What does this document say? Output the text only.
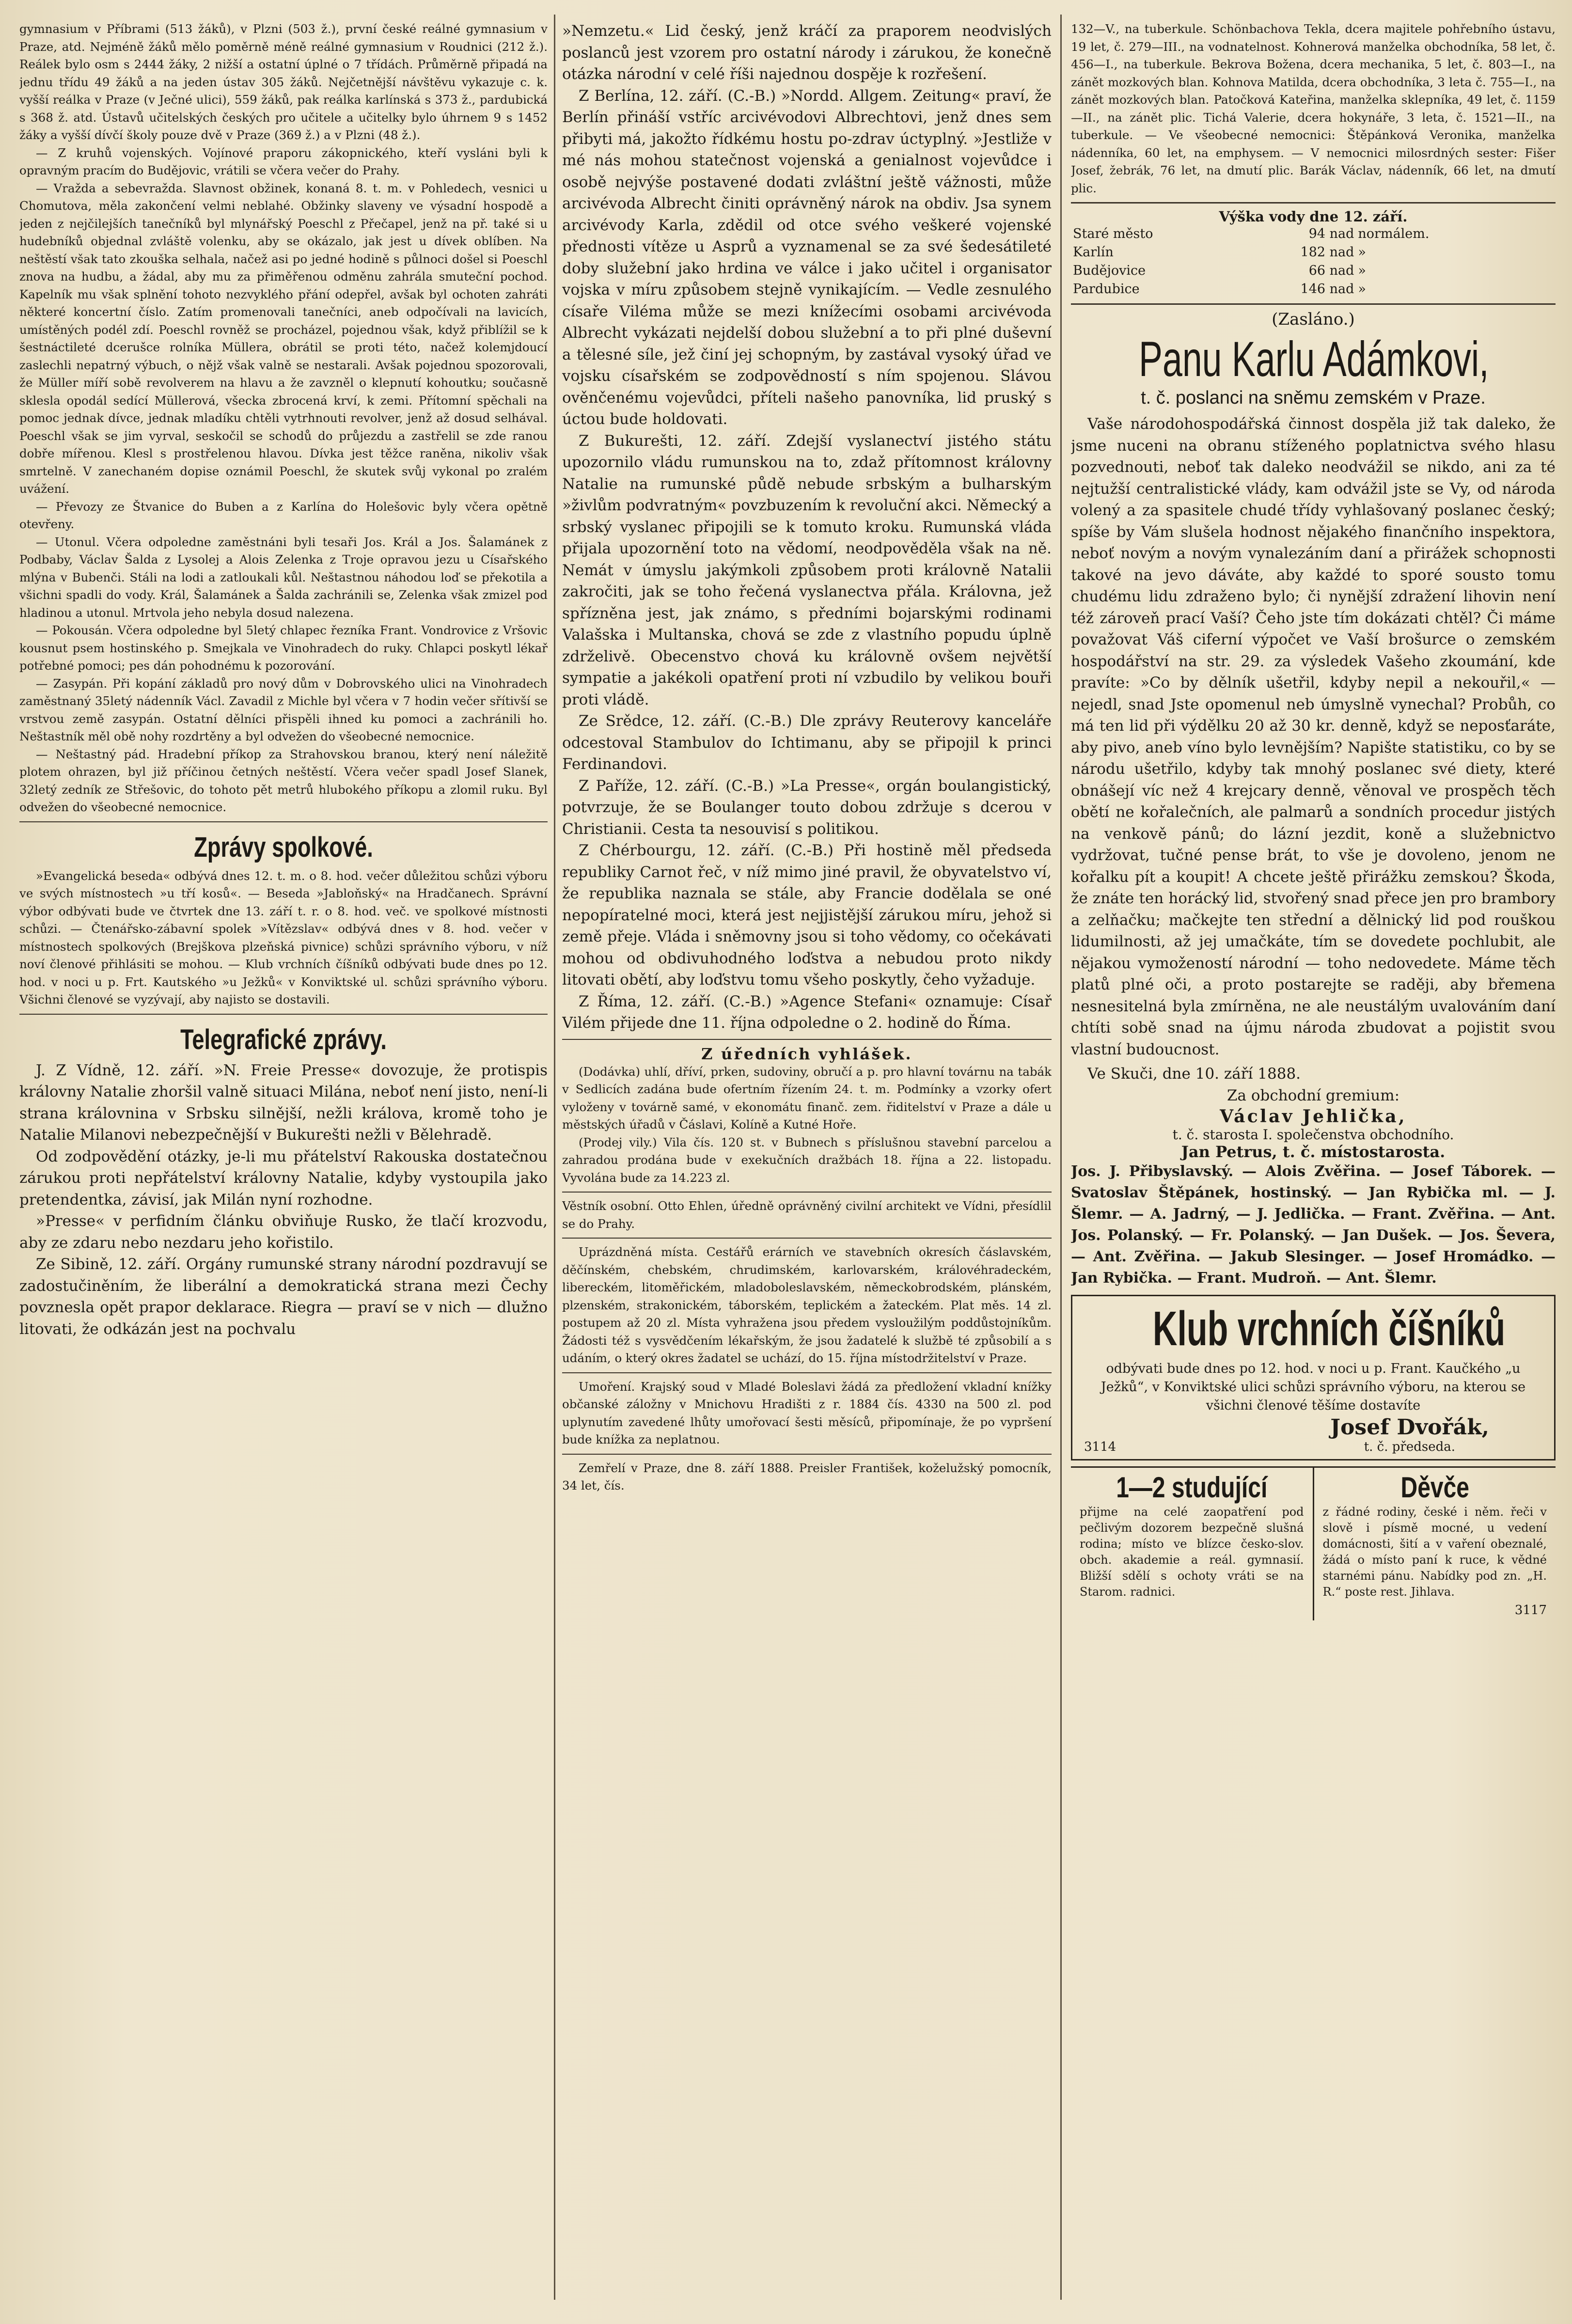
gymnasium v Příbrami (513 žáků), v Plzni (503 ž.), první české reálné gymnasium v Praze, atd. Nejméně žáků mělo poměrně méně reálné gymnasium v Roudnici (212 ž.). Reálek bylo osm s 2444 žáky, 2 nižší a ostatní úplné o 7 třídách. Průměrně připadá na jednu třídu 49 žáků a na jeden ústav 305 žáků. Nejčetnější návštěvu vykazuje c. k. vyšší reálka v Praze (v Ječné ulici), 559 žáků, pak reálka karlínská s 373 ž., pardubická s 368 ž. atd. Ústavů učitelských českých pro učitele a učitelky bylo úhrnem 9 s 1452 žáky a vyšší dívčí školy pouze dvě v Praze (369 ž.) a v Plzni (48 ž.).

— Z kruhů vojenských. Vojínové praporu zákopnického, kteří vysláni byli k opravným pracím do Budějovic, vrátili se včera večer do Prahy.

— Vražda a sebevražda. Slavnost obžinek, konaná 8. t. m. v Pohledech, vesnici u Chomutova, měla zakončení velmi neblahé. Obžinky slaveny ve výsadní hospodě a jeden z nejčilejších tanečníků byl mlynářský Poeschl z Přečapel, jenž na př. také si u hudebníků objednal zvláště volenku, aby se okázalo, jak jest u dívek oblíben. Na neštěstí však tato zkouška selhala, načež asi po jedné hodině s půlnoci došel si Poeschl znova na hudbu, a žádal, aby mu za přiměřenou odměnu zahrála smuteční pochod. Kapelník mu však splnění tohoto nezvyklého přání odepřel, avšak byl ochoten zahráti některé koncertní číslo. Zatím promenovali tanečníci, aneb odpočívali na lavicích, umístěných podél zdí. Poeschl rovněž se procházel, pojednou však, když přiblížil se k šestnáctileté dcerušce rolníka Müllera, obrátil se proti této, načež kolemjdoucí zaslechli nepatrný výbuch, o nějž však valně se nestarali. Avšak pojednou spozorovali, že Müller míří sobě revolverem na hlavu a že zavzněl o klepnutí kohoutku; současně sklesla opodál sedící Müllerová, všecka zbrocená krví, k zemi. Přítomní spěchali na pomoc jednak dívce, jednak mladíku chtěli vytrhnouti revolver, jenž až dosud selhával. Poeschl však se jim vyrval, seskočil se schodů do průjezdu a zastřelil se zde ranou dobře mířenou. Klesl s prostřelenou hlavou. Dívka jest těžce raněna, nikoliv však smrtelně. V zanechaném dopise oznámil Poeschl, že skutek svůj vykonal po zralém uvážení.

— Převozy ze Štvanice do Buben a z Karlína do Holešovic byly včera opětně otevřeny.

— Utonul. Včera odpoledne zaměstnáni byli tesaři Jos. Král a Jos. Šalamánek z Podbaby, Václav Šalda z Lysolej a Alois Zelenka z Troje opravou jezu u Císařského mlýna v Bubenči. Stáli na lodi a zatloukali kůl. Neštastnou náhodou loď se překotila a všichni spadli do vody. Král, Šalamánek a Šalda zachránili se, Zelenka však zmizel pod hladinou a utonul. Mrtvola jeho nebyla dosud nalezena.

— Pokousán. Včera odpoledne byl 5letý chlapec řezníka Frant. Vondrovice z Vršovic kousnut psem hostinského p. Smejkala ve Vinohradech do ruky. Chlapci poskytl lékař potřebné pomoci; pes dán pohodnému k pozorování.

— Zasypán. Při kopání základů pro nový dům v Dobrovského ulici na Vinohradech zaměstnaný 35letý nádenník Václ. Zavadil z Michle byl včera v 7 hodin večer sřítivší se vrstvou země zasypán. Ostatní dělníci přispěli ihned ku pomoci a zachránili ho. Neštastník měl obě nohy rozdrtěny a byl odvežen do všeobecné nemocnice.

— Neštastný pád. Hradební příkop za Strahovskou branou, který není náležitě plotem ohrazen, byl již příčinou četných neštěstí. Včera večer spadl Josef Slanek, 32letý zedník ze Střešovic, do tohoto pět metrů hlubokého příkopu a zlomil ruku. Byl odvežen do všeobecné nemocnice.

Zprávy spolkové.

»Evangelická beseda« odbývá dnes 12. t. m. o 8. hod. večer důležitou schůzi výboru ve svých místnostech »u tří kosů«. — Beseda »Jabloňský« na Hradčanech. Správní výbor odbývati bude ve čtvrtek dne 13. září t. r. o 8. hod. več. ve spolkové místnosti schůzi. — Čtenářsko-zábavní spolek »Vítězslav« odbývá dnes v 8. hod. večer v místnostech spolkových (Brejškova plzeňská pivnice) schůzi správního výboru, v níž noví členové přihlásiti se mohou. — Klub vrchních číšníků odbývati bude dnes po 12. hod. v noci u p. Frt. Kautského »u Ježků« v Konviktské ul. schůzi správního výboru. Všichni členové se vyzývají, aby najisto se dostavili.

Telegrafické zprávy.

J. Z Vídně, 12. září. »N. Freie Presse« dovozuje, že protispis královny Natalie zhoršil valně situaci Milána, neboť není jisto, není-li strana královnina v Srbsku silnější, nežli králova, kromě toho je Natalie Milanovi nebezpečnější v Bukurešti nežli v Bělehradě.

Od zodpovědění otázky, je-li mu přátelství Rakouska dostatečnou zárukou proti nepřátelství královny Natalie, kdyby vystoupila jako pretendentka, závisí, jak Milán nyní rozhodne.

»Presse« v perfidním článku obviňuje Rusko, že tlačí krozvodu, aby ze zdaru nebo nezdaru jeho kořistilo.

Ze Sibině, 12. září. Orgány rumunské strany národní pozdravují se zadostučiněním, že liberální a demokratická strana mezi Čechy povznesla opět prapor deklarace. Riegra — praví se v nich — dlužno litovati, že odkázán jest na pochvalu

»Nemzetu.« Lid český, jenž kráčí za praporem neodvislých poslanců jest vzorem pro ostatní národy i zárukou, že konečně otázka národní v celé říši najednou dospěje k rozřešení.

Z Berlína, 12. září. (C.-B.) »Nordd. Allgem. Zeitung« praví, že Berlín přináší vstříc arcivévodovi Albrechtovi, jenž dnes sem přibyti má, jakožto řídkému hostu po-zdrav úctyplný. »Jestliže v mé nás mohou statečnost vojenská a genialnost vojevůdce i osobě nejvýše postavené dodati zvláštní ještě vážnosti, může arcivévoda Albrecht činiti oprávněný nárok na obdiv. Jsa synem arcivévody Karla, zdědil od otce svého veškeré vojenské přednosti vítěze u Asprů a vyznamenal se za své šedesátileté doby služební jako hrdina ve válce i jako učitel i organisator vojska v míru způsobem stejně vynikajícím. — Vedle zesnulého císaře Viléma může se mezi knížecími osobami arcivévoda Albrecht vykázati nejdelší dobou služební a to při plné duševní a tělesné síle, jež činí jej schopným, by zastával vysoký úřad ve vojsku císařském se zodpovědností s ním spojenou. Slávou ověnčenému vojevůdci, příteli našeho panovníka, lid pruský s úctou bude holdovati.

Z Bukurešti, 12. září. Zdejší vyslanectví jistého státu upozornilo vládu rumunskou na to, zdaž přítomnost královny Natalie na rumunské půdě nebude srbským a bulharským »živlům podvratným« povzbuzením k revoluční akci. Německý a srbský vyslanec připojili se k tomuto kroku. Rumunská vláda přijala upozornění toto na vědomí, neodpověděla však na ně. Nemát v úmyslu jakýmkoli způsobem proti královně Natalii zakročiti, jak se toho řečená vyslanectva přála. Královna, jež spřízněna jest, jak známo, s předními bojarskými rodinami Valašska i Multanska, chová se zde z vlastního popudu úplně zdrželivě. Obecenstvo chová ku královně ovšem největší sympatie a jakékoli opatření proti ní vzbudilo by velikou bouři proti vládě.

Ze Srědce, 12. září. (C.-B.) Dle zprávy Reuterovy kanceláře odcestoval Stambulov do Ichtimanu, aby se připojil k princi Ferdinandovi.

Z Paříže, 12. září. (C.-B.) »La Presse«, orgán boulangistický, potvrzuje, že se Boulanger touto dobou zdržuje s dcerou v Christianii. Cesta ta nesouvisí s politikou.

Z Chérbourgu, 12. září. (C.-B.) Při hostině měl předseda republiky Carnot řeč, v níž mimo jiné pravil, že obyvatelstvo ví, že republika naznala se stále, aby Francie dodělala se oné nepopíratelné moci, která jest nejjistější zárukou míru, jehož si země přeje. Vláda i sněmovny jsou si toho vědomy, co očekávati mohou od obdivuhodného loďstva a nebudou proto nikdy litovati obětí, aby loďstvu tomu všeho poskytly, čeho vyžaduje.

Z Říma, 12. září. (C.-B.) »Agence Stefani« oznamuje: Císař Vilém přijede dne 11. října odpoledne o 2. hodině do Říma.

Z úředních vyhlášek.

(Dodávka) uhlí, dříví, prken, sudoviny, obručí a p. pro hlavní továrnu na tabák v Sedlicích zadána bude ofertním řízením 24. t. m. Podmínky a vzorky ofert vyloženy v továrně samé, v ekonomátu finanč. zem. řiditelství v Praze a dále u městských úřadů v Čáslavi, Kolíně a Kutné Hoře.

(Prodej vily.) Vila čís. 120 st. v Bubnech s příslušnou stavební parcelou a zahradou prodána bude v exekučních dražbách 18. října a 22. listopadu. Vyvolána bude za 14.223 zl.

Věstník osobní. Otto Ehlen, úředně oprávněný civilní architekt ve Vídni, přesídlil se do Prahy.

Uprázdněná místa. Cestářů erárních ve stavebních okresích čáslavském, děčínském, chebském, chrudimském, karlovarském, královéhradeckém, libereckém, litoměřickém, mladoboleslavském, německobrodském, plánském, plzenském, strakonickém, táborském, teplickém a žateckém. Plat měs. 14 zl. postupem až 20 zl. Místa vyhražena jsou předem vysloužilým poddůstojníkům. Žádosti též s vysvědčením lékařským, že jsou žadatelé k službě té způsobilí a s udáním, o který okres žadatel se uchází, do 15. října místodržitelství v Praze.

Umoření. Krajský soud v Mladé Boleslavi žádá za předložení vkladní knížky občanské záložny v Mnichovu Hradišti z r. 1884 čís. 4330 na 500 zl. pod uplynutím zavedené lhůty umořovací šesti měsíců, připomínaje, že po vypršení bude knížka za neplatnou.

Zemřelí v Praze, dne 8. září 1888. Preisler František, koželužský pomocník, 34 let, čís.

132—V., na tuberkule. Schönbachova Tekla, dcera majitele pohřebního ústavu, 19 let, č. 279—III., na vodnatelnost. Kohnerová manželka obchodníka, 58 let, č. 456—I., na tuberkule. Bekrova Božena, dcera mechanika, 5 let, č. 803—I., na zánět mozkových blan. Kohnova Matilda, dcera obchodníka, 3 leta č. 755—I., na zánět mozkových blan. Patočková Kateřina, manželka sklepníka, 49 let, č. 1159—II., na zánět plic. Tichá Valerie, dcera hokynáře, 3 leta, č. 1521—II., na tuberkule. — Ve všeobecné nemocnici: Štěpánková Veronika, manželka nádenníka, 60 let, na emphysem. — V nemocnici milosrdných sester: Fišer Josef, žebrák, 76 let, na dmutí plic. Barák Václav, nádenník, 66 let, na dmutí plic.

Výška vody dne 12. září.
Staré město	94 nad	normálem.
Karlín	182 nad	»
Budějovice	66 nad	»
Pardubice	146 nad	»
(Zasláno.)
Panu Karlu Adámkovi,
t. č. poslanci na sněmu zemském v Praze.

Vaše národohospodářská činnost dospěla již tak daleko, že jsme nuceni na obranu stíženého poplatnictva svého hlasu pozvednouti, neboť tak daleko neodvážil se nikdo, ani za té nejtužší centralistické vlády, kam odvážil jste se Vy, od národa volený a za spasitele chudé třídy vyhlašovaný poslanec český; spíše by Vám slušela hodnost nějakého finančního inspektora, neboť novým a novým vynalezáním daní a přirážek schopnosti takové na jevo dáváte, aby každé to sporé sousto tomu chudému lidu zdraženo bylo; či nynější zdražení lihovin není též zároveň prací Vaší? Čeho jste tím dokázati chtěl? Či máme považovat Váš ciferní výpočet ve Vaší brošurce o zemském hospodářství na str. 29. za výsledek Vašeho zkoumání, kde pravíte: »Co by dělník ušetřil, kdyby nepil a nekouřil,« — nejedl, snad Jste opomenul neb úmyslně vynechal? Probůh, co má ten lid při výdělku 20 až 30 kr. denně, když se neposťaráte, aby pivo, aneb víno bylo levnějším? Napište statistiku, co by se národu ušetřilo, kdyby tak mnohý poslanec své diety, které obnášejí víc než 4 krejcary denně, věnoval ve prospěch těch obětí ne kořalečních, ale palmarů a sondních procedur jistých na venkově pánů; do lázní jezdit, koně a služebnictvo vydržovat, tučné pense brát, to vše je dovoleno, jenom ne kořalku pít a koupit! A chcete ještě přirážku zemskou? Škoda, že znáte ten horácký lid, stvořený snad přece jen pro brambory a zelňačku; mačkejte ten střední a dělnický lid pod rouškou lidumilnosti, až jej umačkáte, tím se dovedete pochlubit, ale nějakou vymožeností národní — toho nedovedete. Máme těch platů plné oči, a proto postarejte se raději, aby břemena nesnesitelná byla zmírněna, ne ale neustálým uvalováním daní chtíti sobě snad na újmu národa zbudovat a pojistit svou vlastní budoucnost.

Ve Skuči, dne 10. září 1888.

Za obchodní gremium:

Václav Jehlička,

t. č. starosta I. společenstva obchodního.

Jan Petrus, t. č. místostarosta.

Jos. J. Přibyslavský. — Alois Zvěřina. — Josef Táborek. — Svatoslav Štěpánek, hostinský. — Jan Rybička ml. — J. Šlemr. — A. Jadrný, — J. Jedlička. — Frant. Zvěřina. — Ant. Jos. Polanský. — Fr. Polanský. — Jan Dušek. — Jos. Ševera, — Ant. Zvěřina. — Jakub Slesinger. — Josef Hromádko. — Jan Rybička. — Frant. Mudroň. — Ant. Šlemr.

Klub vrchních číšníků
odbývati bude dnes po 12. hod. v noci u p. Frant. Kaučkého „u Ježků“, v Konviktské ulici schůzi správního výboru, na kterou se všichni členové těšíme dostavíte
Josef Dvořák,
3114	t. č. předseda.
1—2 studující
přijme na celé zaopatření pod pečlivým dozorem bezpečně slušná rodina; místo ve blízce česko-slov. obch. akademie a reál. gymnasií. Bližší sdělí s ochoty vráti se na Starom. radnici.
Děvče
z řádné rodiny, české i něm. řeči v slově i písmě mocné, u vedení domácnosti, šití a v vaření obeznalé, žádá o místo paní k ruce, k vědné starnémi pánu. Nabídky pod zn. „H. R.“ poste rest. Jihlava.
3117
